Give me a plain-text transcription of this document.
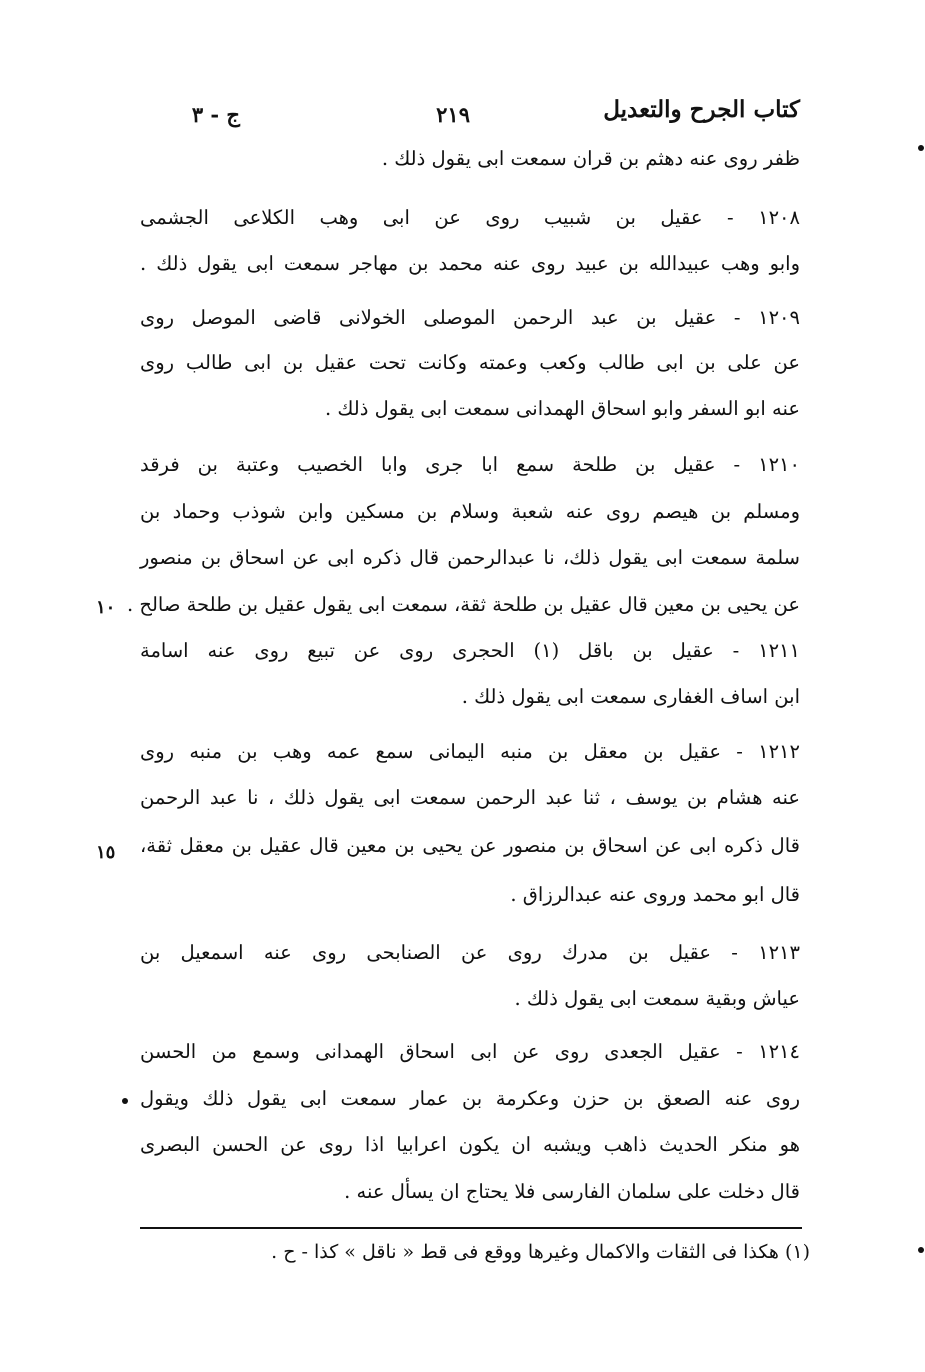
كتاب الجرح والتعديل
٢١٩
ج - ٣
ظفر روى عنه دهثم بن قران سمعت ابى يقول ذلك .
١٢٠٨ - عقيل بن شبيب روى عن ابى وهب الكلاعى الجشمى
وابو وهب عبيدالله بن عبيد روى عنه محمد بن مهاجر سمعت ابى يقول ذلك .
١٢٠٩ - عقيل بن عبد الرحمن الموصلى الخولانى قاضى الموصل روى
عن على بن ابى طالب وكعب وعمته وكانت تحت عقيل بن ابى طالب روى
عنه ابو السفر وابو اسحاق الهمدانى سمعت ابى يقول ذلك .
١٢١٠ - عقيل بن طلحة سمع ابا جرى وابا الخصيب وعتبة بن فرقد
ومسلم بن هيصم روى عنه شعبة وسلام بن مسكين وابن شوذب وحماد بن
سلمة سمعت ابى يقول ذلك، نا عبدالرحمن قال ذكره ابى عن اسحاق بن منصور
عن يحيى بن معين قال عقيل بن طلحة ثقة، سمعت ابى يقول عقيل بن طلحة صالح .
١٢١١ - عقيل بن باقل (١) الحجرى روى عن تبيع روى عنه اسامة
ابن اساف الغفارى سمعت ابى يقول ذلك .
١٢١٢ - عقيل بن معقل بن منبه اليمانى سمع عمه وهب بن منبه روى
عنه هشام بن يوسف ، ثنا عبد الرحمن سمعت ابى يقول ذلك ، نا عبد الرحمن
قال ذكره ابى عن اسحاق بن منصور عن يحيى بن معين قال عقيل بن معقل ثقة،
قال ابو محمد وروى عنه عبدالرزاق .
١٢١٣ - عقيل بن مدرك روى عن الصنابحى روى عنه اسمعيل بن
عياش وبقية سمعت ابى يقول ذلك .
١٢١٤ - عقيل الجعدى روى عن ابى اسحاق الهمدانى وسمع من الحسن
روى عنه الصعق بن حزن وعكرمة بن عمار سمعت ابى يقول ذلك ويقول
هو منكر الحديث ذاهب ويشبه ان يكون اعرابيا اذا روى عن الحسن البصرى
قال دخلت على سلمان الفارسى فلا يحتاج ان يسأل عنه .
١٠
١٥
(١) هكذا فى الثقات والاكمال وغيرها ووقع فى قط « ناقل » كذا - ح .
